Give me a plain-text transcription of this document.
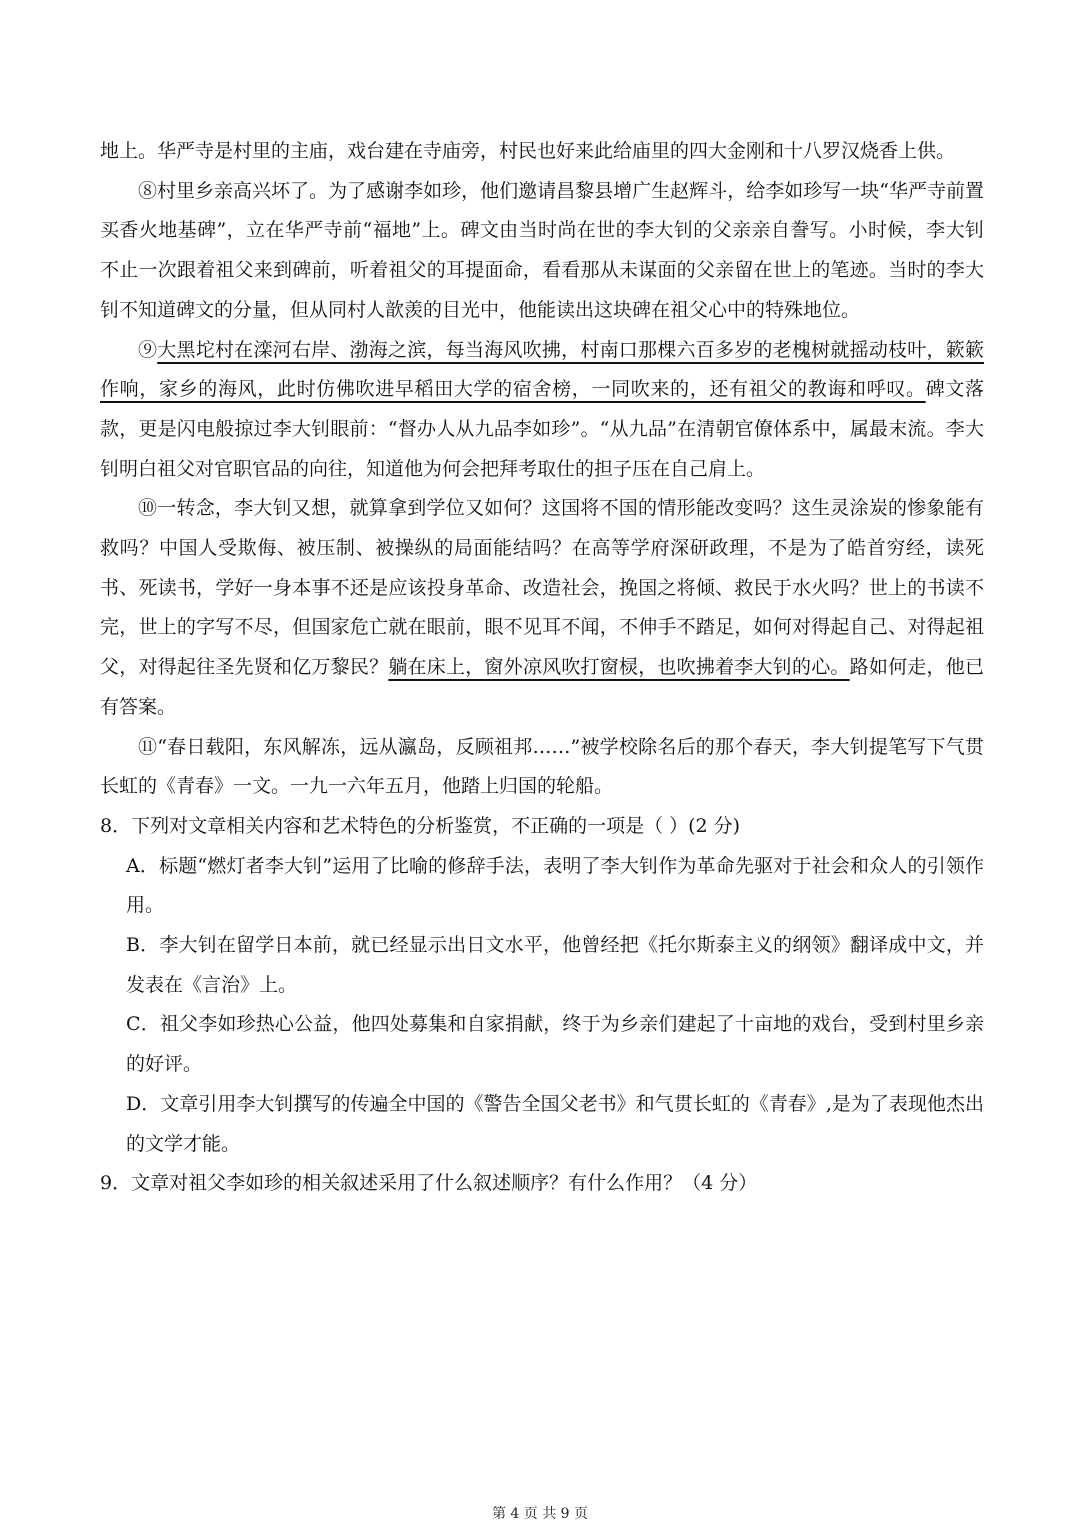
地上。华严寺是村里的主庙，戏台建在寺庙旁，村民也好来此给庙里的四大金刚和十八罗汉烧香上供。

⑧村里乡亲高兴坏了。为了感谢李如珍，他们邀请昌黎县增广生赵辉斗，给李如珍写一块“华严寺前置买香火地基碑”，立在华严寺前“福地”上。碑文由当时尚在世的李大钊的父亲亲自誊写。小时候，李大钊不止一次跟着祖父来到碑前，听着祖父的耳提面命，看看那从未谋面的父亲留在世上的笔迹。当时的李大钊不知道碑文的分量，但从同村人歆羡的目光中，他能读出这块碑在祖父心中的特殊地位。

⑨大黑坨村在滦河右岸、渤海之滨，每当海风吹拂，村南口那棵六百多岁的老槐树就摇动枝叶，簌簌作响，家乡的海风，此时仿佛吹进早稻田大学的宿舍榜，一同吹来的，还有祖父的教诲和呼叹。碑文落款，更是闪电般掠过李大钊眼前：“督办人从九品李如珍”。“从九品”在清朝官僚体系中，属最末流。李大钊明白祖父对官职官品的向往，知道他为何会把拜考取仕的担子压在自己肩上。

⑩一转念，李大钊又想，就算拿到学位又如何？这国将不国的情形能改变吗？这生灵涂炭的惨象能有救吗？中国人受欺侮、被压制、被操纵的局面能结吗？在高等学府深研政理，不是为了皓首穷经，读死书、死读书，学好一身本事不还是应该投身革命、改造社会，挽国之将倾、救民于水火吗？世上的书读不完，世上的字写不尽，但国家危亡就在眼前，眼不见耳不闻，不伸手不踏足，如何对得起自己、对得起祖父，对得起往圣先贤和亿万黎民？躺在床上，窗外凉风吹打窗棂，也吹拂着李大钊的心。路如何走，他已有答案。

⑪“春日载阳，东风解冻，远从瀛岛，反顾祖邦……”被学校除名后的那个春天，李大钊提笔写下气贯长虹的《青春》一文。一九一六年五月，他踏上归国的轮船。

8．下列对文章相关内容和艺术特色的分析鉴赏，不正确的一项是（ ）(2 分)

A．标题“燃灯者李大钊”运用了比喻的修辞手法，表明了李大钊作为革命先驱对于社会和众人的引领作用。

B．李大钊在留学日本前，就已经显示出日文水平，他曾经把《托尔斯泰主义的纲领》翻译成中文，并发表在《言治》上。

C．祖父李如珍热心公益，他四处募集和自家捐献，终于为乡亲们建起了十亩地的戏台，受到村里乡亲的好评。

D．文章引用李大钊撰写的传遍全中国的《警告全国父老书》和气贯长虹的《青春》,是为了表现他杰出的文学才能。

9．文章对祖父李如珍的相关叙述采用了什么叙述顺序？有什么作用？（4 分）

第 4 页 共 9 页
